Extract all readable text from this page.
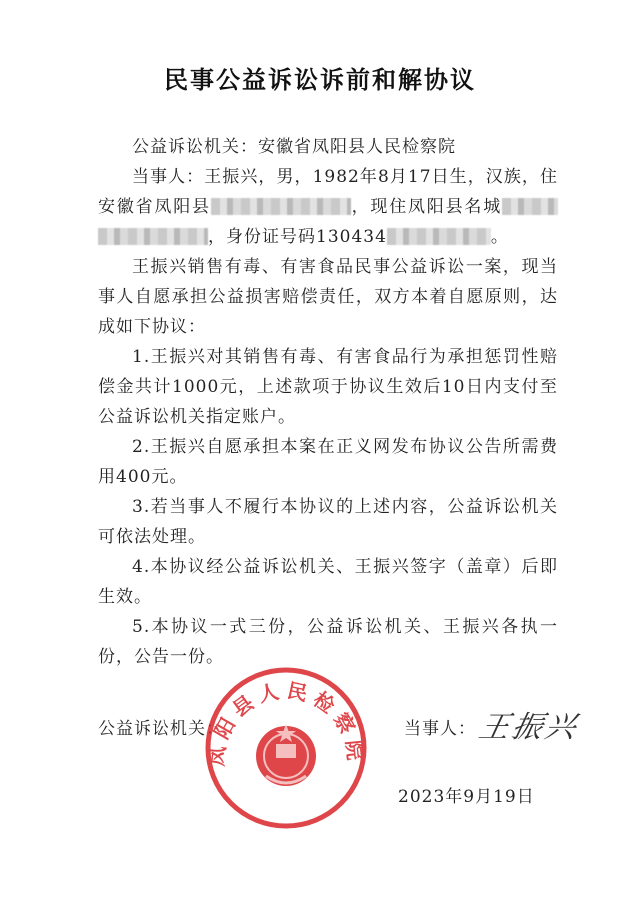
民事公益诉讼诉前和解协议

公益诉讼机关：安徽省凤阳县人民检察院

当事人：王振兴，男，1982年8月17日生，汉族，住安徽省凤阳县	，现住凤阳县名城，身份证号码130434	。

王振兴销售有毒、有害食品民事公益诉讼一案，现当事人自愿承担公益损害赔偿责任，双方本着自愿原则，达成如下协议：

1.王振兴对其销售有毒、有害食品行为承担惩罚性赔偿金共计1000元，上述款项于协议生效后10日内支付至公益诉讼机关指定账户。

2.王振兴自愿承担本案在正义网发布协议公告所需费用400元。

3.若当事人不履行本协议的上述内容，公益诉讼机关可依法处理。

4.本协议经公益诉讼机关、王振兴签字（盖章）后即生效。

5.本协议一式三份，公益诉讼机关、王振兴各执一份，公告一份。

公益诉讼机关：
凤阳县人民检察院
当事人： 王振兴
2023年9月19日
